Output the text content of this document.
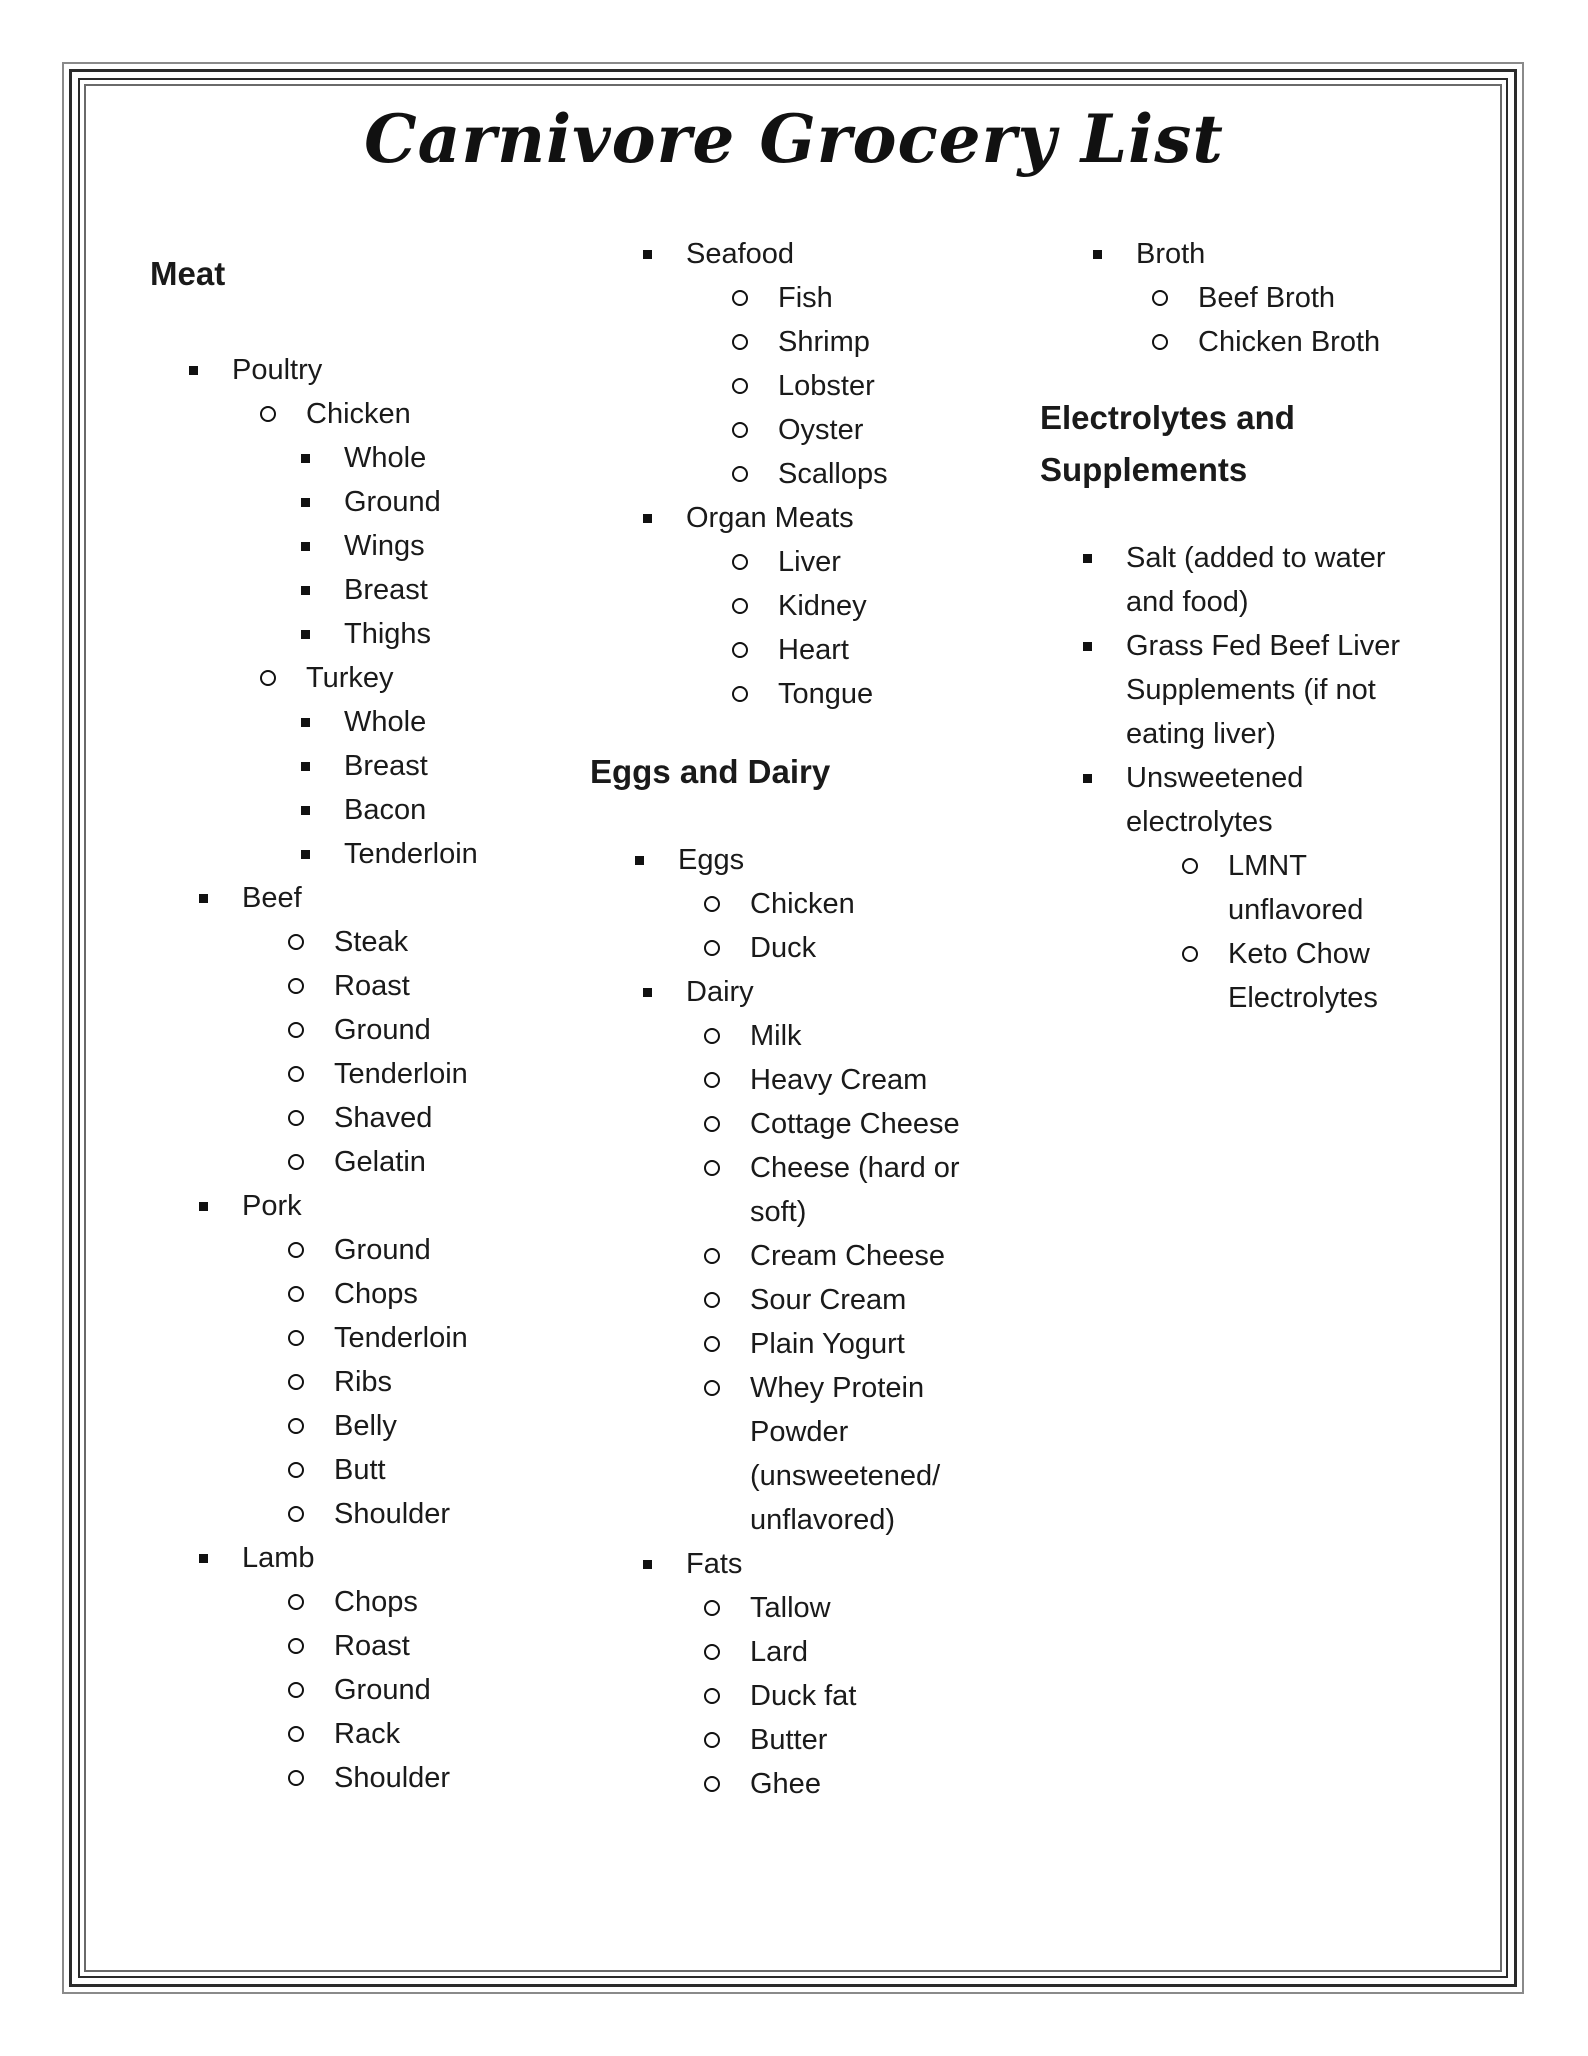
Carnivore Grocery List
Meat
Poultry
Chicken
Whole
Ground
Wings
Breast
Thighs
Turkey
Whole
Breast
Bacon
Tenderloin
Beef
Steak
Roast
Ground
Tenderloin
Shaved
Gelatin
Pork
Ground
Chops
Tenderloin
Ribs
Belly
Butt
Shoulder
Lamb
Chops
Roast
Ground
Rack
Shoulder
Seafood
Fish
Shrimp
Lobster
Oyster
Scallops
Organ Meats
Liver
Kidney
Heart
Tongue
Eggs and Dairy
Eggs
Chicken
Duck
Dairy
Milk
Heavy Cream
Cottage Cheese
Cheese (hard or
soft)
Cream Cheese
Sour Cream
Plain Yogurt
Whey Protein
Powder
(unsweetened/
unflavored)
Fats
Tallow
Lard
Duck fat
Butter
Ghee
Broth
Beef Broth
Chicken Broth
Electrolytes and
Supplements
Salt (added to water
and food)
Grass Fed Beef Liver
Supplements (if not
eating liver)
Unsweetened
electrolytes
LMNT
unflavored
Keto Chow
Electrolytes
